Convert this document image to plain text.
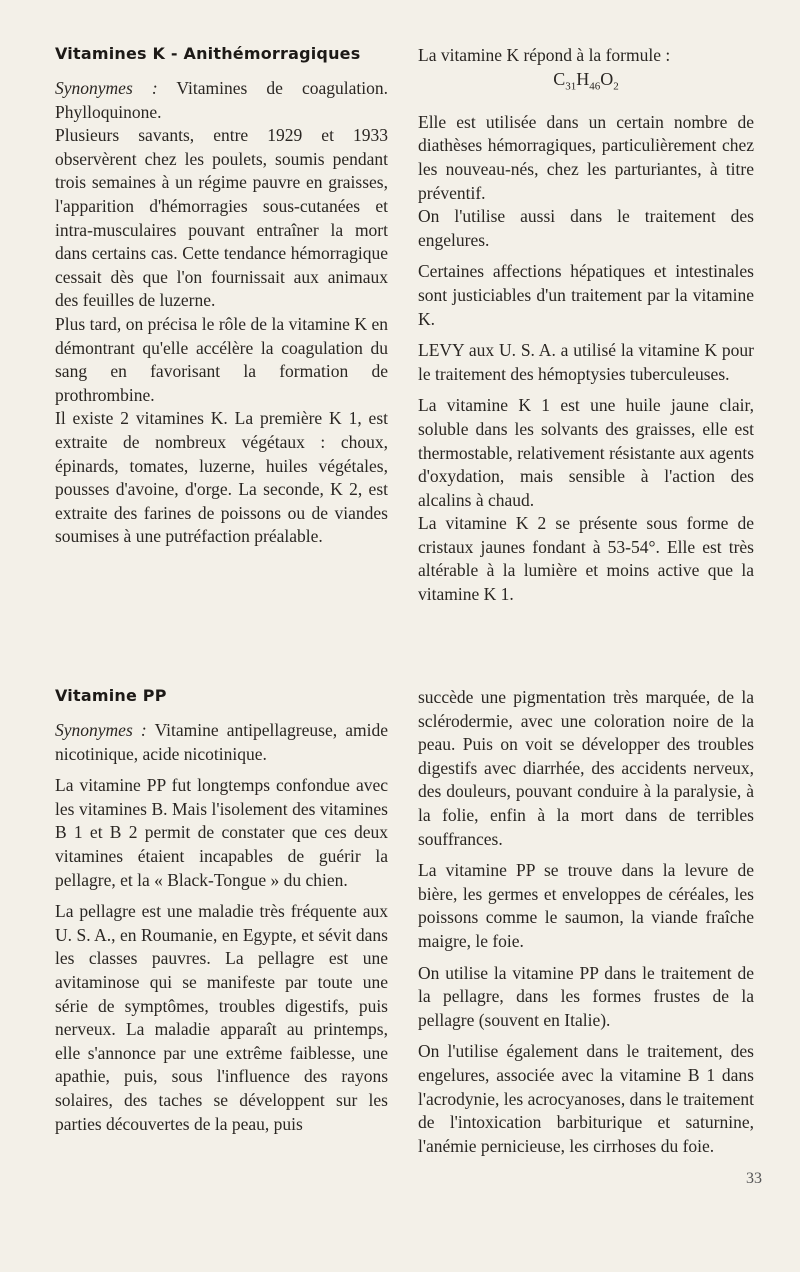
Vitamines K - Anithémorragiques

Synonymes : Vitamines de coagulation. Phylloquinone.

Plusieurs savants, entre 1929 et 1933 observèrent chez les poulets, soumis pendant trois semaines à un régime pauvre en graisses, l'apparition d'hémorragies sous-cutanées et intra-musculaires pouvant entraîner la mort dans certains cas. Cette tendance hémorragique cessait dès que l'on fournissait aux animaux des feuilles de luzerne.

Plus tard, on précisa le rôle de la vitamine K en démontrant qu'elle accélère la coagulation du sang en favorisant la formation de prothrombine.

Il existe 2 vitamines K. La première K 1, est extraite de nombreux végétaux : choux, épinards, tomates, luzerne, huiles végétales, pousses d'avoine, d'orge. La seconde, K 2, est extraite des farines de poissons ou de viandes soumises à une putréfaction préalable.

La vitamine K répond à la formule :

$C_{31}H_{46}O_2$

Elle est utilisée dans un certain nombre de diathèses hémorragiques, particulièrement chez les nouveau-nés, chez les parturiantes, à titre préventif.

On l'utilise aussi dans le traitement des engelures.

Certaines affections hépatiques et intestinales sont justiciables d'un traitement par la vitamine K.

LEVY aux U. S. A. a utilisé la vitamine K pour le traitement des hémoptysies tuberculeuses.

La vitamine K 1 est une huile jaune clair, soluble dans les solvants des graisses, elle est thermostable, relativement résistante aux agents d'oxydation, mais sensible à l'action des alcalins à chaud.

La vitamine K 2 se présente sous forme de cristaux jaunes fondant à 53-54°. Elle est très altérable à la lumière et moins active que la vitamine K 1.

Vitamine PP

Synonymes : Vitamine antipellagreuse, amide nicotinique, acide nicotinique.

La vitamine PP fut longtemps confondue avec les vitamines B. Mais l'isolement des vitamines B 1 et B 2 permit de constater que ces deux vitamines étaient incapables de guérir la pellagre, et la « Black-Tongue » du chien.

La pellagre est une maladie très fréquente aux U. S. A., en Roumanie, en Egypte, et sévit dans les classes pauvres. La pellagre est une avitaminose qui se manifeste par toute une série de symptômes, troubles digestifs, puis nerveux. La maladie apparaît au printemps, elle s'annonce par une extrême faiblesse, une apathie, puis, sous l'influence des rayons solaires, des taches se développent sur les parties découvertes de la peau, puis

succède une pigmentation très marquée, de la sclérodermie, avec une coloration noire de la peau. Puis on voit se développer des troubles digestifs avec diarrhée, des accidents nerveux, des douleurs, pouvant conduire à la paralysie, à la folie, enfin à la mort dans de terribles souffrances.

La vitamine PP se trouve dans la levure de bière, les germes et enveloppes de céréales, les poissons comme le saumon, la viande fraîche maigre, le foie.

On utilise la vitamine PP dans le traitement de la pellagre, dans les formes frustes de la pellagre (souvent en Italie).

On l'utilise également dans le traitement, des engelures, associée avec la vitamine B 1 dans l'acrodynie, les acrocyanoses, dans le traitement de l'intoxication barbiturique et saturnine, l'anémie pernicieuse, les cirrhoses du foie.

33
